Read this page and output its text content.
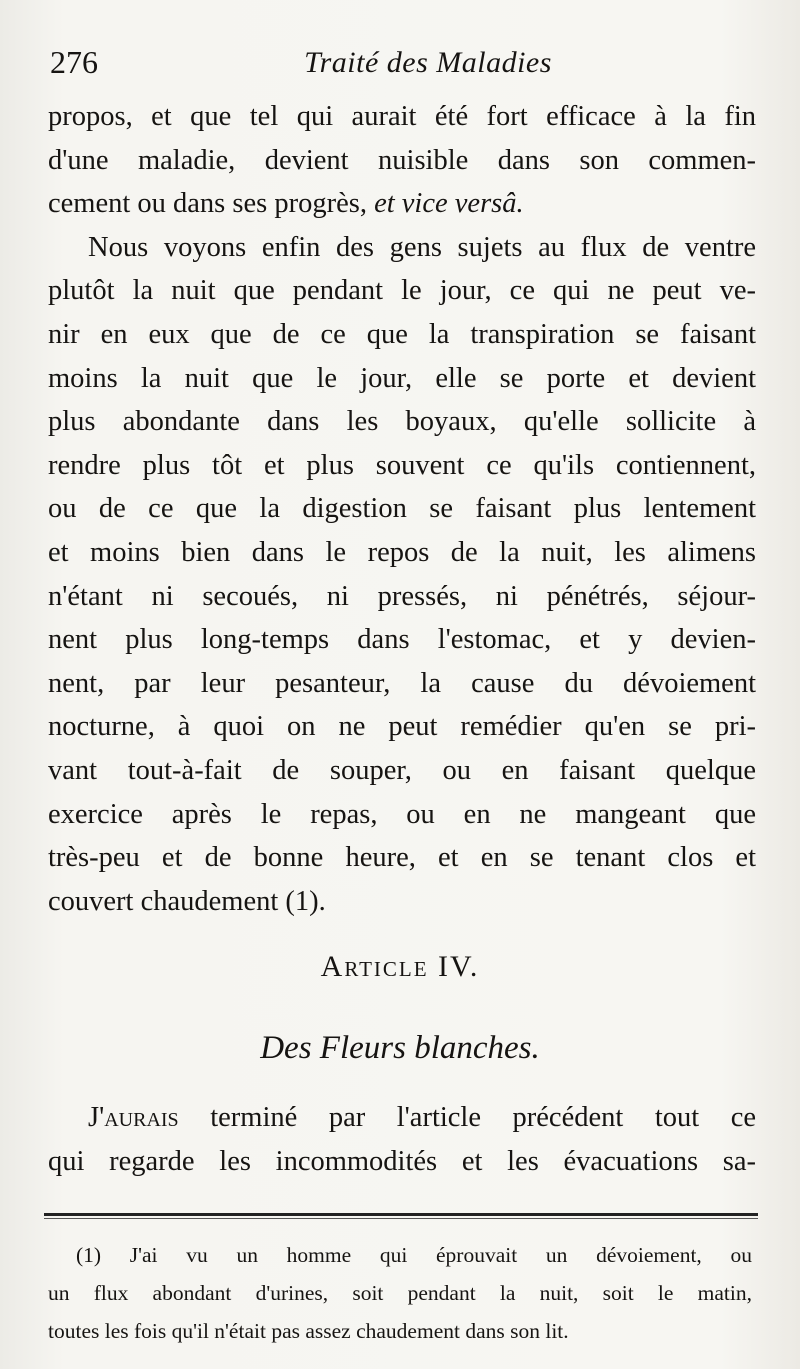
276	Traité des Maladies
propos, et que tel qui aurait été fort efficace à la fin
d'une maladie, devient nuisible dans son commen-
cement ou dans ses progrès, et vice versâ.
Nous voyons enfin des gens sujets au flux de ventre
plutôt la nuit que pendant le jour, ce qui ne peut ve-
nir en eux que de ce que la transpiration se faisant
moins la nuit que le jour, elle se porte et devient
plus abondante dans les boyaux, qu'elle sollicite à
rendre plus tôt et plus souvent ce qu'ils contiennent,
ou de ce que la digestion se faisant plus lentement
et moins bien dans le repos de la nuit, les alimens
n'étant ni secoués, ni pressés, ni pénétrés, séjour-
nent plus long-temps dans l'estomac, et y devien-
nent, par leur pesanteur, la cause du dévoiement
nocturne, à quoi on ne peut remédier qu'en se pri-
vant tout-à-fait de souper, ou en faisant quelque
exercice après le repas, ou en ne mangeant que
très-peu et de bonne heure, et en se tenant clos et
couvert chaudement (1).
Article IV.
Des Fleurs blanches.
J'aurais terminé par l'article précédent tout ce
qui regarde les incommodités et les évacuations sa-
(1) J'ai vu un homme qui éprouvait un dévoiement, ou
un flux abondant d'urines, soit pendant la nuit, soit le matin,
toutes les fois qu'il n'était pas assez chaudement dans son lit.
